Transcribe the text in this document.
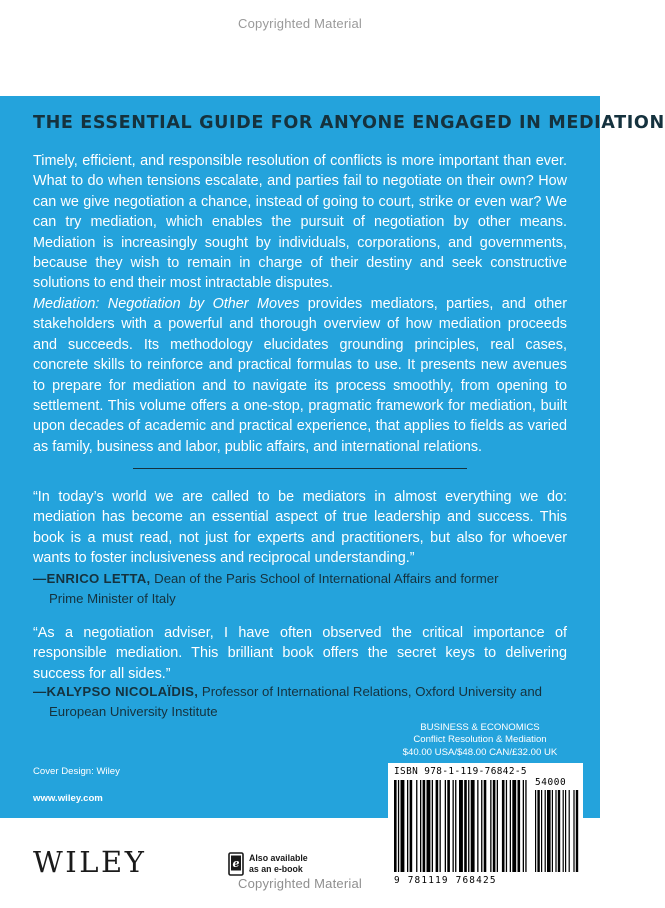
Copyrighted Material
THE ESSENTIAL GUIDE FOR ANYONE ENGAGED IN MEDIATION

Timely, efficient, and responsible resolution of conflicts is more important than ever. What to do when tensions escalate, and parties fail to negotiate on their own? How can we give negotiation a chance, instead of going to court, strike or even war? We can try mediation, which enables the pursuit of negotiation by other means. Mediation is increasingly sought by individuals, corporations, and governments, because they wish to remain in charge of their destiny and seek constructive solutions to end their most intractable disputes.

Mediation: Negotiation by Other Moves provides mediators, parties, and other stakeholders with a powerful and thorough overview of how mediation proceeds and succeeds. Its methodology elucidates grounding principles, real cases, concrete skills to reinforce and practical formulas to use. It presents new avenues to prepare for mediation and to navigate its process smoothly, from opening to settlement. This volume offers a one-stop, pragmatic framework for mediation, built upon decades of academic and practical experience, that applies to fields as varied as family, business and labor, public affairs, and international relations.

“In today’s world we are called to be mediators in almost everything we do: mediation has become an essential aspect of true leadership and success. This book is a must read, not just for experts and practitioners, but also for whoever wants to foster inclusiveness and reciprocal understanding.”

—ENRICO LETTA, Dean of the Paris School of International Affairs and former
Prime Minister of Italy

“As a negotiation adviser, I have often observed the critical importance of responsible mediation. This brilliant book offers the secret keys to delivering success for all sides.”

—KALYPSO NICOLAÏDIS, Professor of International Relations, Oxford University and
European University Institute

BUSINESS & ECONOMICS
Conflict Resolution & Mediation
$40.00 USA/$48.00 CAN/£32.00 UK
Cover Design: Wiley
www.wiley.com
ISBN 978-1-119-76842-5
54000
9 781119 768425
WILEY	e Also available
as an e-book
Copyrighted Material
